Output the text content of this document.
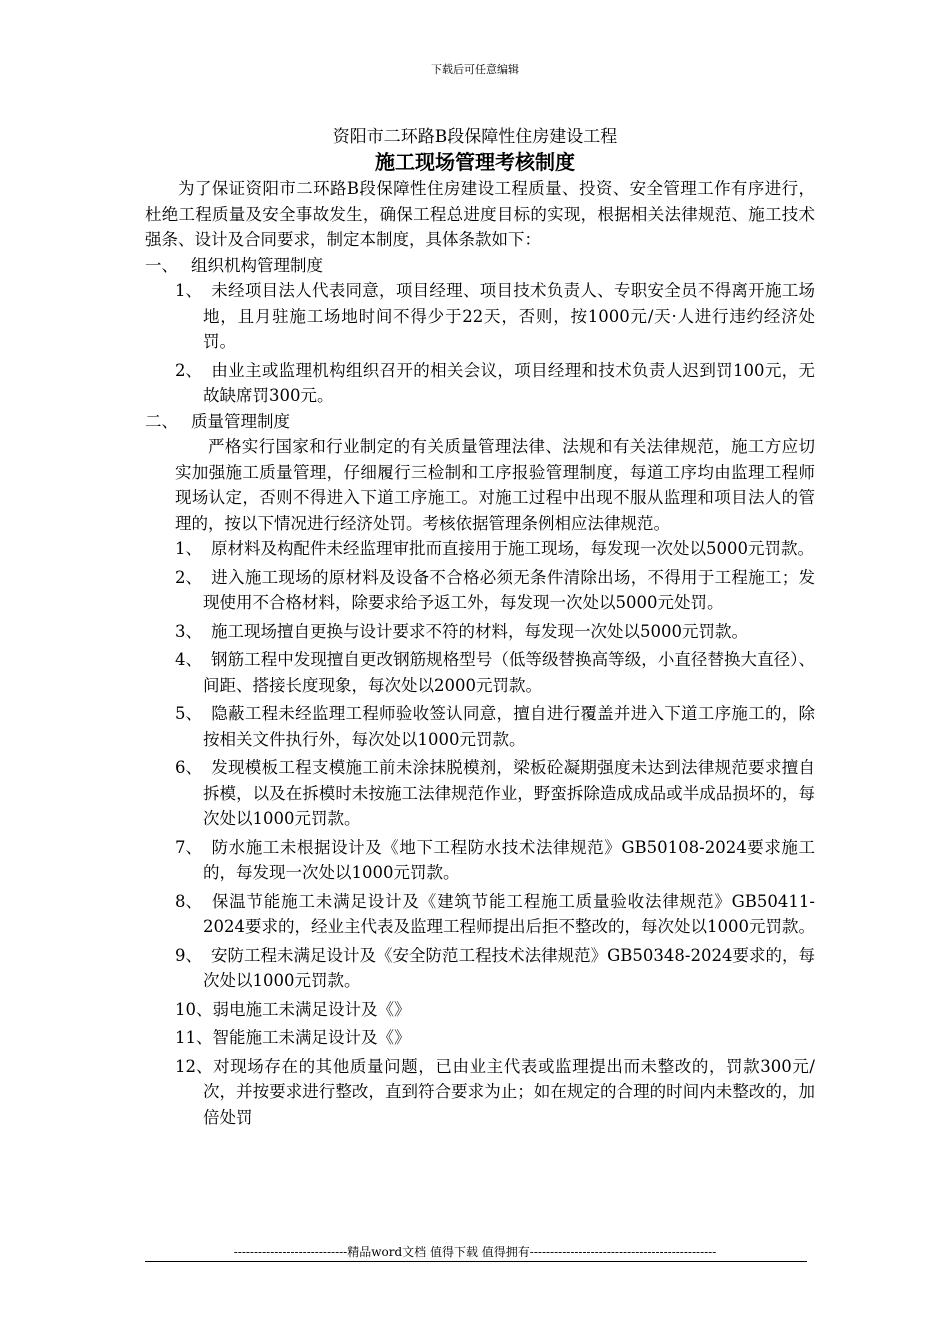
下载后可任意编辑
资阳市二环路B段保障性住房建设工程
施工现场管理考核制度

为了保证资阳市二环路B段保障性住房建设工程质量、投资、安全管理工作有序进行，杜绝工程质量及安全事故发生，确保工程总进度目标的实现，根据相关法律规范、施工技术强条、设计及合同要求，制定本制度，具体条款如下：

一、 组织机构管理制度

1、 未经项目法人代表同意，项目经理、项目技术负责人、专职安全员不得离开施工场地，且月驻施工场地时间不得少于22天，否则，按1000元/天·人进行违约经济处罚。

2、 由业主或监理机构组织召开的相关会议，项目经理和技术负责人迟到罚100元，无故缺席罚300元。

二、 质量管理制度

严格实行国家和行业制定的有关质量管理法律、法规和有关法律规范，施工方应切实加强施工质量管理，仔细履行三检制和工序报验管理制度，每道工序均由监理工程师现场认定，否则不得进入下道工序施工。对施工过程中出现不服从监理和项目法人的管理的，按以下情况进行经济处罚。考核依据管理条例相应法律规范。

1、 原材料及构配件未经监理审批而直接用于施工现场，每发现一次处以5000元罚款。

2、 进入施工现场的原材料及设备不合格必须无条件清除出场，不得用于工程施工；发现使用不合格材料，除要求给予返工外，每发现一次处以5000元处罚。

3、 施工现场擅自更换与设计要求不符的材料，每发现一次处以5000元罚款。

4、 钢筋工程中发现擅自更改钢筋规格型号（低等级替换高等级，小直径替换大直径）、间距、搭接长度现象，每次处以2000元罚款。

5、 隐蔽工程未经监理工程师验收签认同意，擅自进行覆盖并进入下道工序施工的，除按相关文件执行外，每次处以1000元罚款。

6、 发现模板工程支模施工前未涂抹脱模剂，梁板砼凝期强度未达到法律规范要求擅自拆模，以及在拆模时未按施工法律规范作业，野蛮拆除造成成品或半成品损坏的，每次处以1000元罚款。

7、 防水施工未根据设计及《地下工程防水技术法律规范》GB50108-2024要求施工的，每发现一次处以1000元罚款。

8、 保温节能施工未满足设计及《建筑节能工程施工质量验收法律规范》GB50411-2024要求的，经业主代表及监理工程师提出后拒不整改的，每次处以1000元罚款。

9、 安防工程未满足设计及《安全防范工程技术法律规范》GB50348-2024要求的，每次处以1000元罚款。

10、弱电施工未满足设计及《》

11、智能施工未满足设计及《》

12、对现场存在的其他质量问题，已由业主代表或监理提出而未整改的，罚款300元/次，并按要求进行整改，直到符合要求为止；如在规定的合理的时间内未整改的，加倍处罚

----------------------------精品word文档 值得下载 值得拥有----------------------------------------------
